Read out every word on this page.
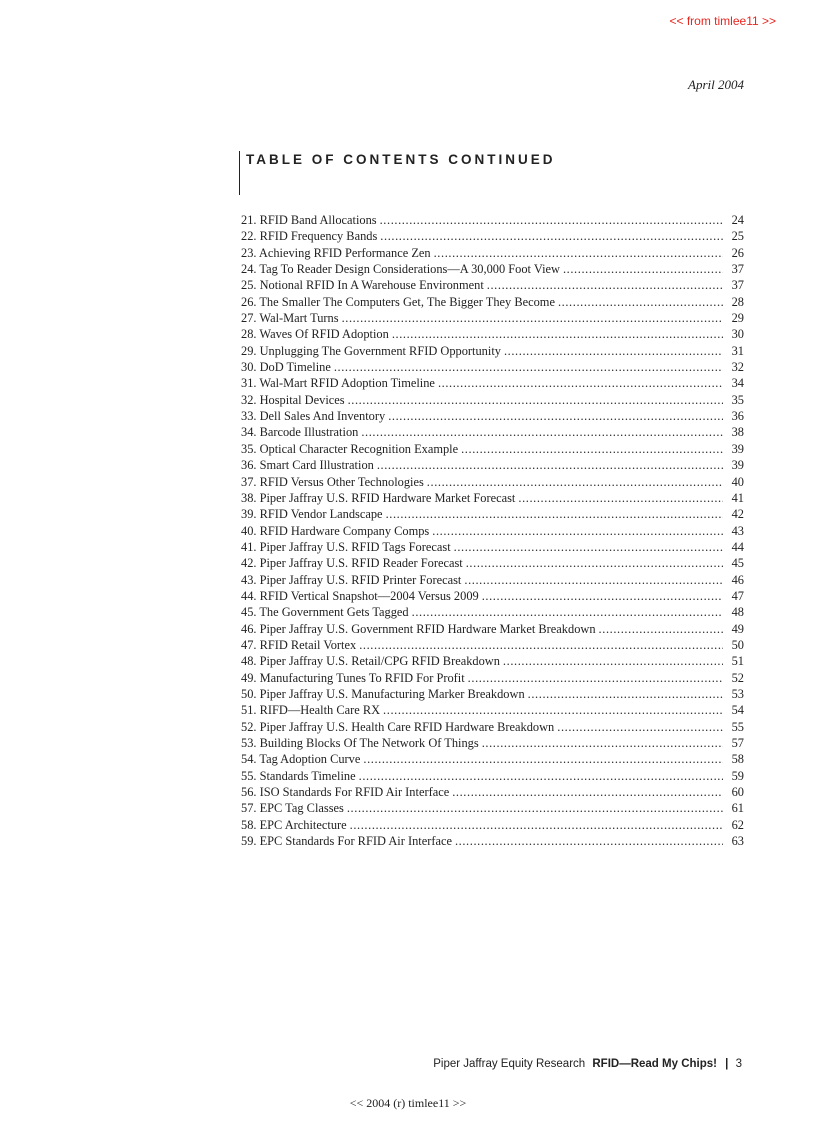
<< from timlee11 >>
April 2004
TABLE OF CONTENTS CONTINUED
21. RFID Band Allocations .....	24
22. RFID Frequency Bands .....	25
23. Achieving RFID Performance Zen .....	26
24. Tag To Reader Design Considerations—A 30,000 Foot View .....	37
25. Notional RFID In A Warehouse Environment .....	37
26. The Smaller The Computers Get, The Bigger They Become .....	28
27. Wal-Mart Turns .....	29
28. Waves Of RFID Adoption .....	30
29. Unplugging The Government RFID Opportunity .....	31
30. DoD Timeline .....	32
31. Wal-Mart RFID Adoption Timeline .....	34
32. Hospital Devices .....	35
33. Dell Sales And Inventory .....	36
34. Barcode Illustration .....	38
35. Optical Character Recognition Example .....	39
36. Smart Card Illustration .....	39
37. RFID Versus Other Technologies .....	40
38. Piper Jaffray U.S. RFID Hardware Market Forecast .....	41
39. RFID Vendor Landscape .....	42
40. RFID Hardware Company Comps .....	43
41. Piper Jaffray U.S. RFID Tags Forecast .....	44
42. Piper Jaffray U.S. RFID Reader Forecast .....	45
43. Piper Jaffray U.S. RFID Printer Forecast .....	46
44. RFID Vertical Snapshot—2004 Versus 2009 .....	47
45. The Government Gets Tagged .....	48
46. Piper Jaffray U.S. Government RFID Hardware Market Breakdown .....	49
47. RFID Retail Vortex .....	50
48. Piper Jaffray U.S. Retail/CPG RFID Breakdown .....	51
49. Manufacturing Tunes To RFID For Profit .....	52
50. Piper Jaffray U.S. Manufacturing Marker Breakdown .....	53
51. RIFD—Health Care RX .....	54
52. Piper Jaffray U.S. Health Care RFID Hardware Breakdown .....	55
53. Building Blocks Of The Network Of Things .....	57
54. Tag Adoption Curve .....	58
55. Standards Timeline .....	59
56. ISO Standards For RFID Air Interface .....	60
57. EPC Tag Classes .....	61
58. EPC Architecture .....	62
59. EPC Standards For RFID Air Interface .....	63
Piper Jaffray Equity Research RFID—Read My Chips! | 3
<< 2004 (r) timlee11 >>
